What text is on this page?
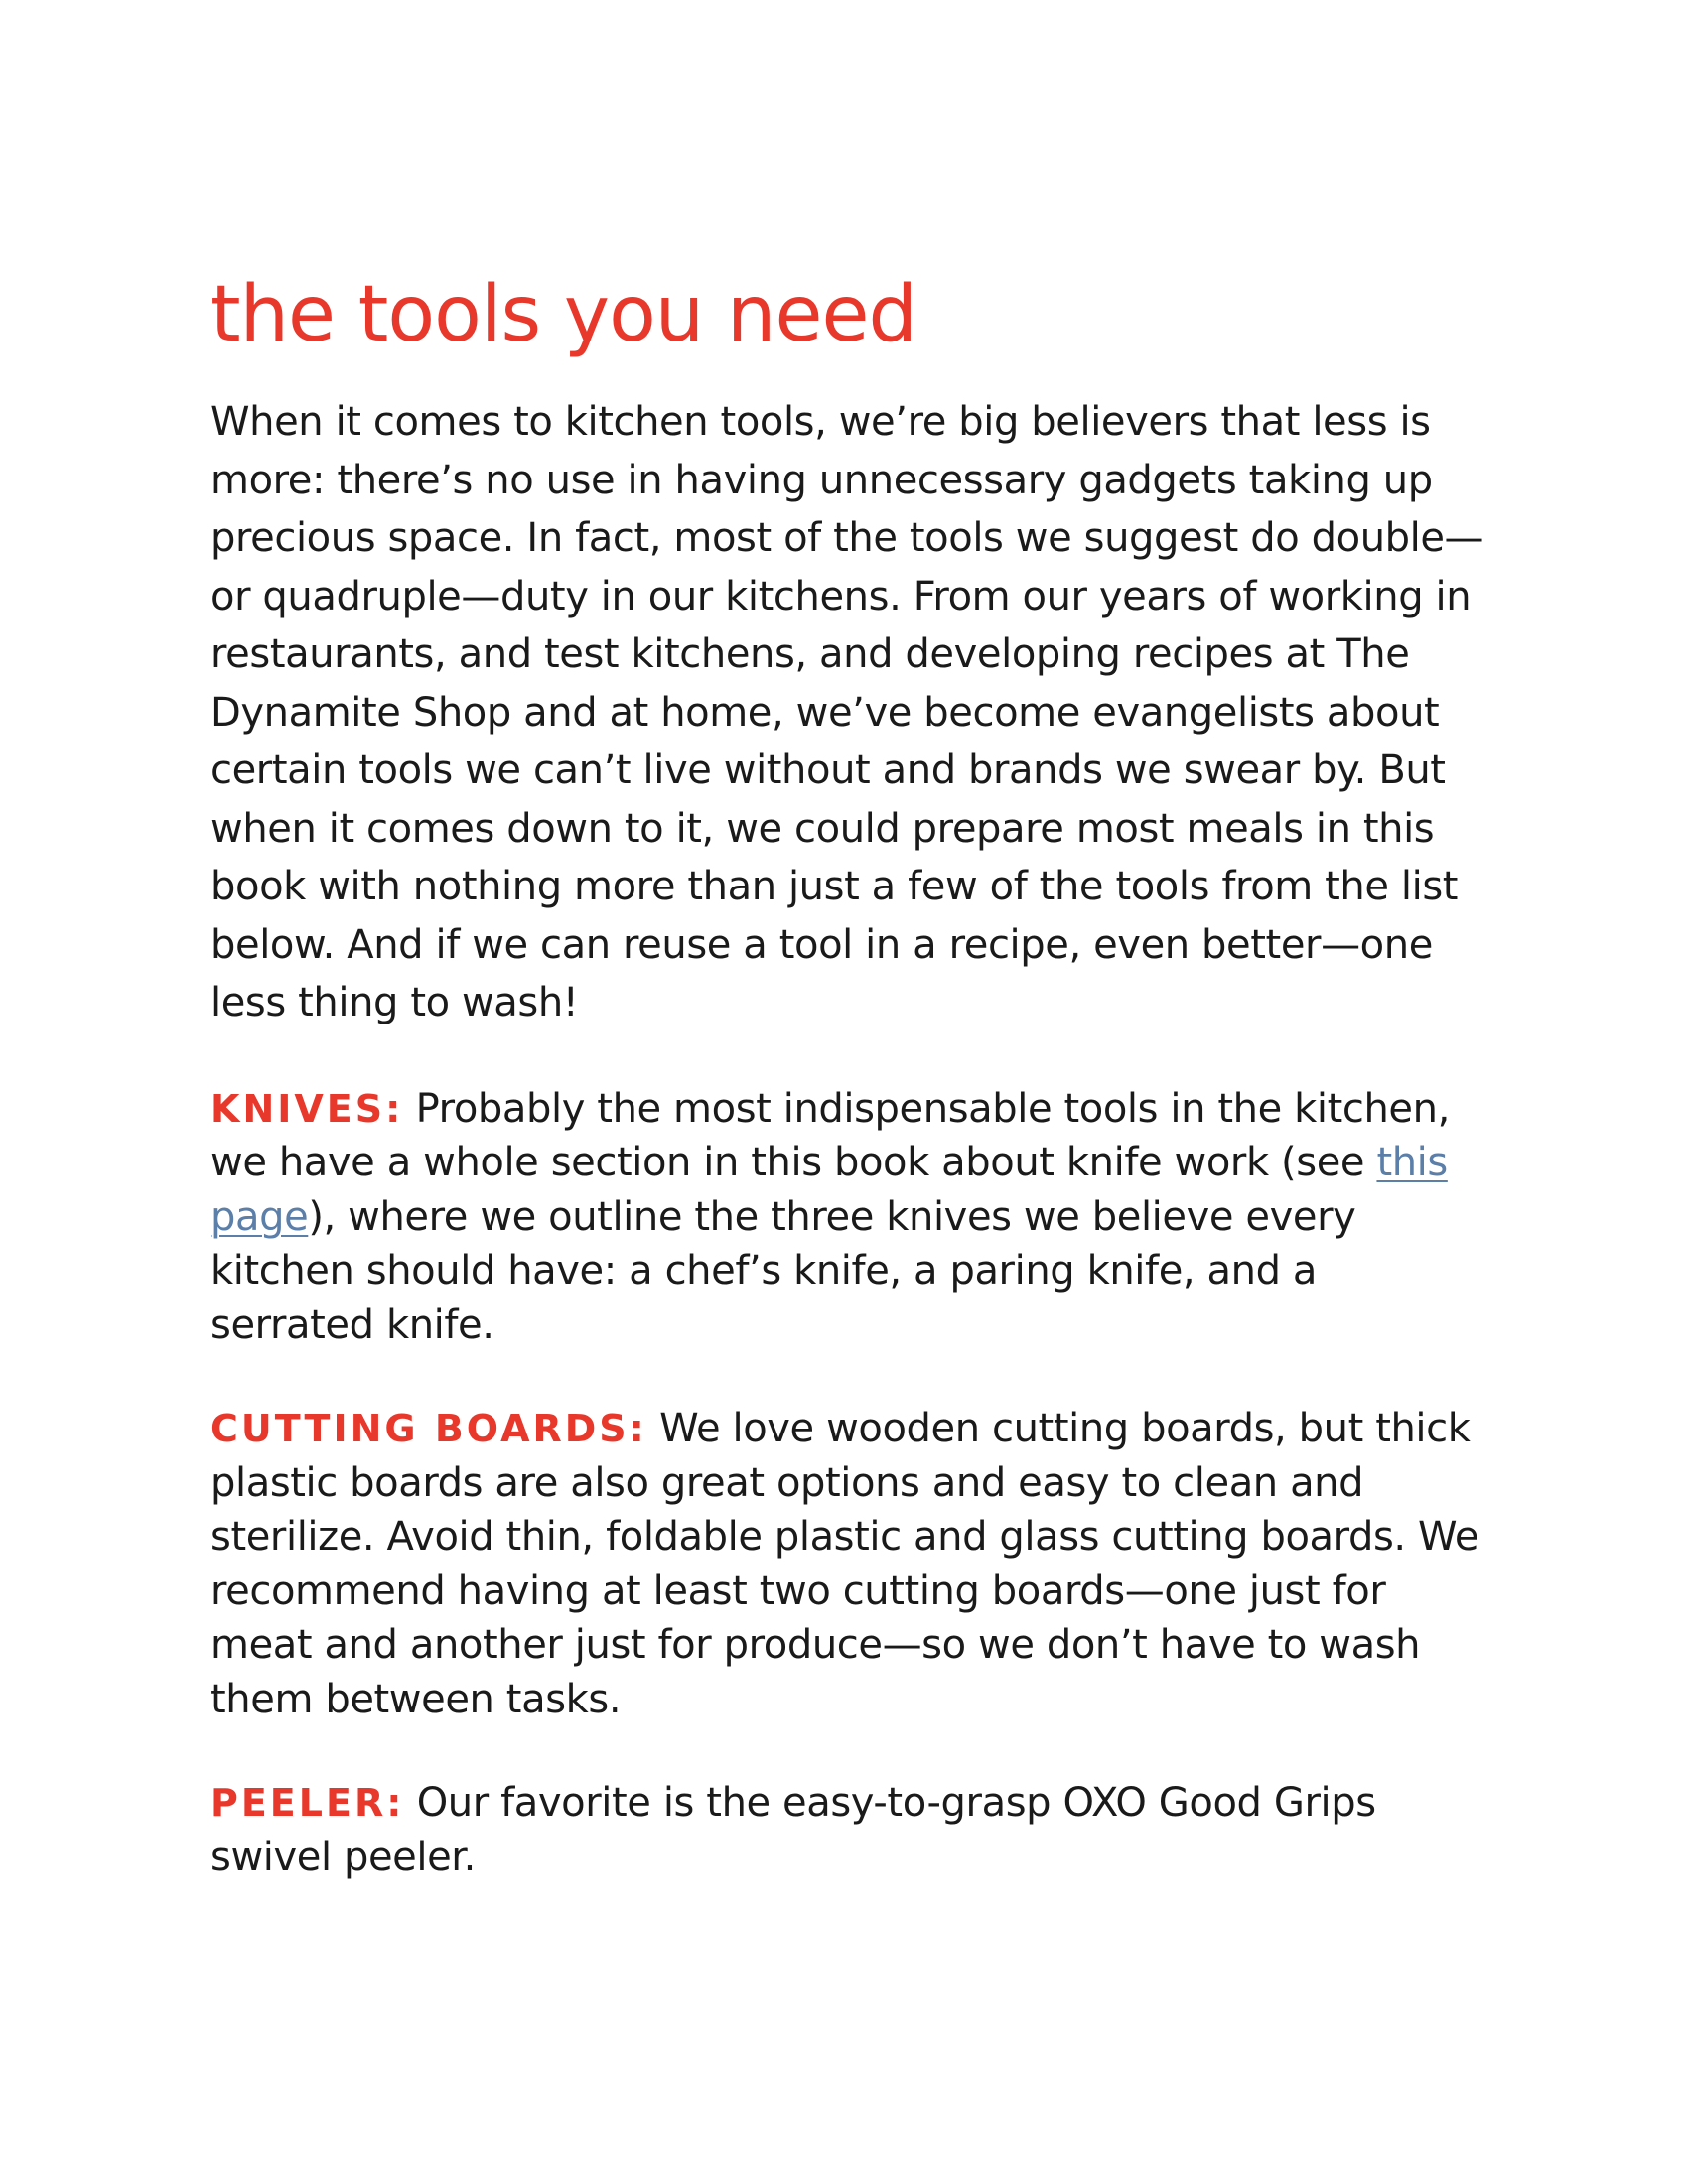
the tools you need

When it comes to kitchen tools, we’re big believers that less is more: there’s no use in having unnecessary gadgets taking up precious space. In fact, most of the tools we suggest do double—or quadruple—duty in our kitchens. From our years of working in restaurants, and test kitchens, and developing recipes at The Dynamite Shop and at home, we’ve become evangelists about certain tools we can’t live without and brands we swear by. But when it comes down to it, we could prepare most meals in this book with nothing more than just a few of the tools from the list below. And if we can reuse a tool in a recipe, even better—one less thing to wash!

KNIVES: Probably the most indispensable tools in the kitchen, we have a whole section in this book about knife work (see this page), where we outline the three knives we believe every kitchen should have: a chef’s knife, a paring knife, and a serrated knife.

CUTTING BOARDS: We love wooden cutting boards, but thick plastic boards are also great options and easy to clean and sterilize. Avoid thin, foldable plastic and glass cutting boards. We recommend having at least two cutting boards—one just for meat and another just for produce—so we don’t have to wash them between tasks.

PEELER: Our favorite is the easy-to-grasp OXO Good Grips swivel peeler.
